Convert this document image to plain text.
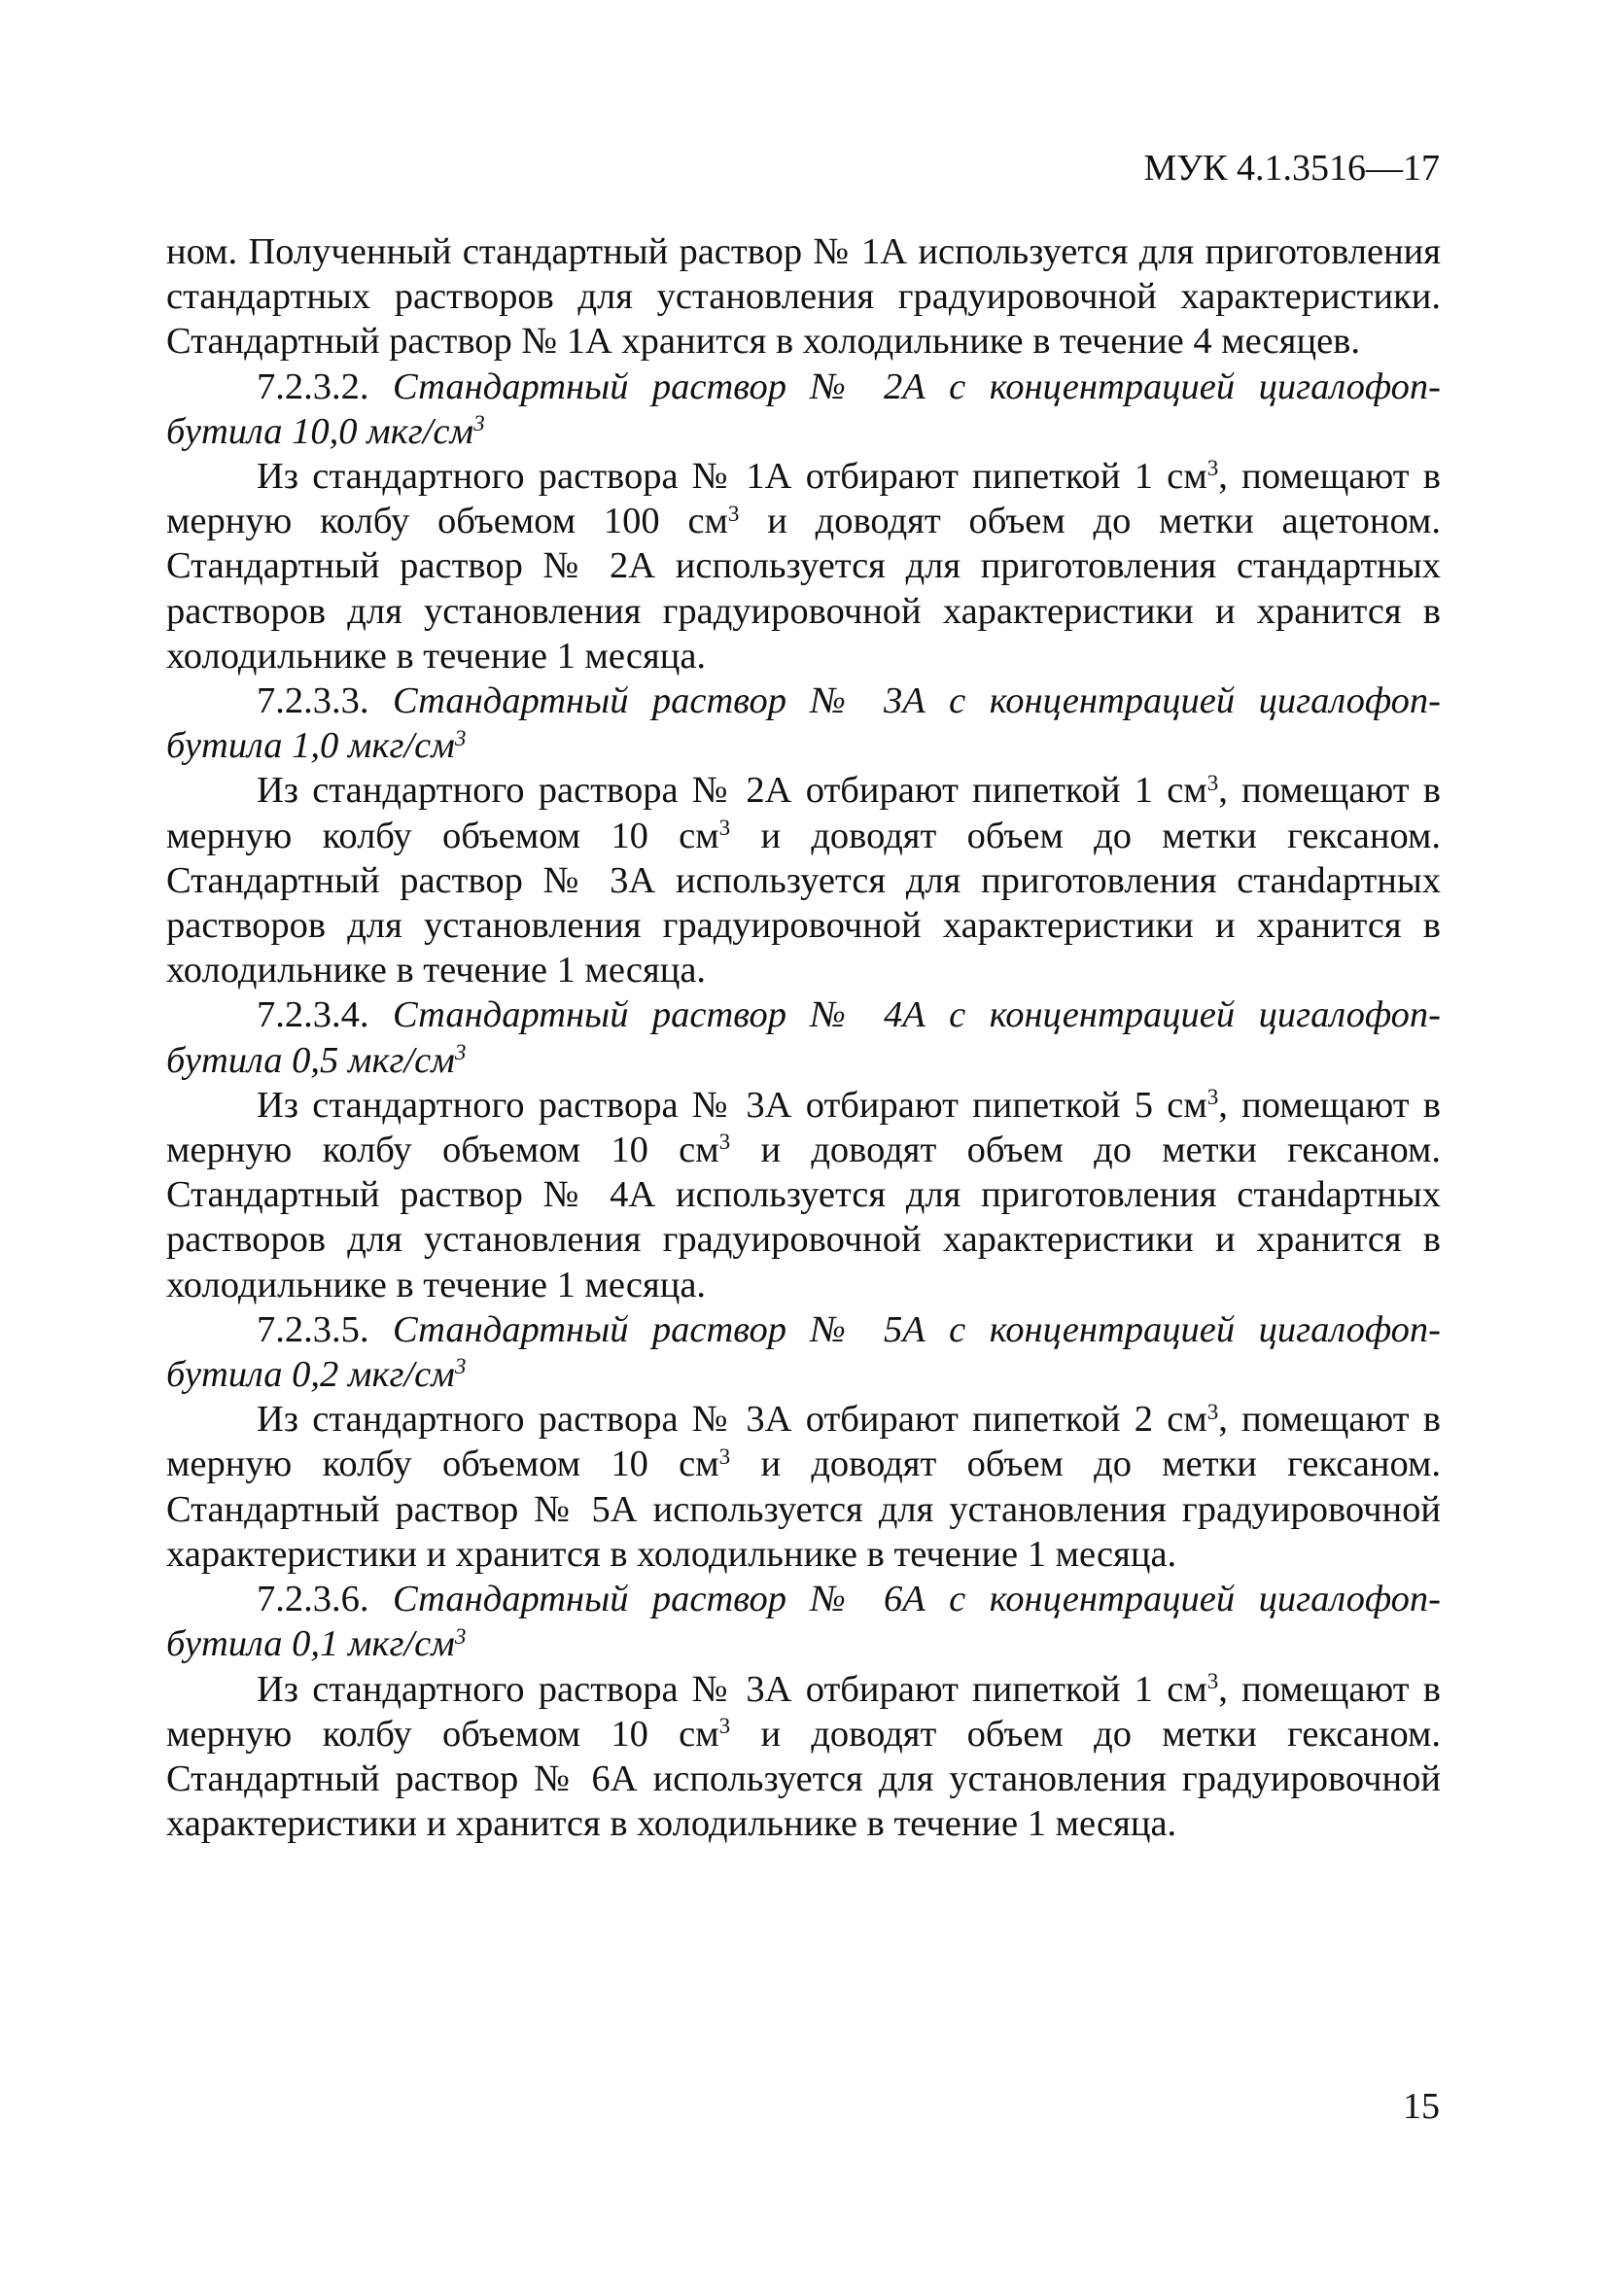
МУК 4.1.3516—17

ном. Полученный стандартный раствор № 1А используется для приготовления стандартных растворов для установления градуировочной характеристики. Стандартный раствор № 1А хранится в холодильнике в течение 4 месяцев.

7.2.3.2. Стандартный раствор № 2А с концентрацией цигалофоп-бутила 10,0 мкг/$см^3$

Из стандартного раствора № 1А отбирают пипеткой 1 $см^3$, помещают в мерную колбу объемом 100 $см^3$ и доводят объем до метки ацетоном. Стандартный раствор № 2А используется для приготовления стандартных растворов для установления градуировочной характеристики и хранится в холодильнике в течение 1 месяца.

7.2.3.3. Стандартный раствор № 3А с концентрацией цигалофоп-бутила 1,0 мкг/$см^3$

Из стандартного раствора № 2А отбирают пипеткой 1 $см^3$, помещают в мерную колбу объемом 10 $см^3$ и доводят объем до метки гексаном. Стандартный раствор № 3А используется для приготовления станdартных растворов для установления градуировочной характеристики и хранится в холодильнике в течение 1 месяца.

7.2.3.4. Стандартный раствор № 4А с концентрацией цигалофоп-бутила 0,5 мкг/$см^3$

Из стандартного раствора № 3А отбирают пипеткой 5 $см^3$, помещают в мерную колбу объемом 10 $см^3$ и доводят объем до метки гексаном. Стандартный раствор № 4А используется для приготовления станdартных растворов для установления градуировочной характеристики и хранится в холодильнике в течение 1 месяца.

7.2.3.5. Стандартный раствор № 5А с концентрацией цигалофоп-бутила 0,2 мкг/$см^3$

Из стандартного раствора № 3А отбирают пипеткой 2 $см^3$, помещают в мерную колбу объемом 10 $см^3$ и доводят объем до метки гексаном. Стандартный раствор № 5А используется для установления градуировочной характеристики и хранится в холодильнике в течение 1 месяца.

7.2.3.6. Стандартный раствор № 6А с концентрацией цигалофоп-бутила 0,1 мкг/$см^3$

Из стандартного раствора № 3А отбирают пипеткой 1 $см^3$, помещают в мерную колбу объемом 10 $см^3$ и доводят объем до метки гексаном. Стандартный раствор № 6А используется для установления градуировочной характеристики и хранится в холодильнике в течение 1 месяца.

15
